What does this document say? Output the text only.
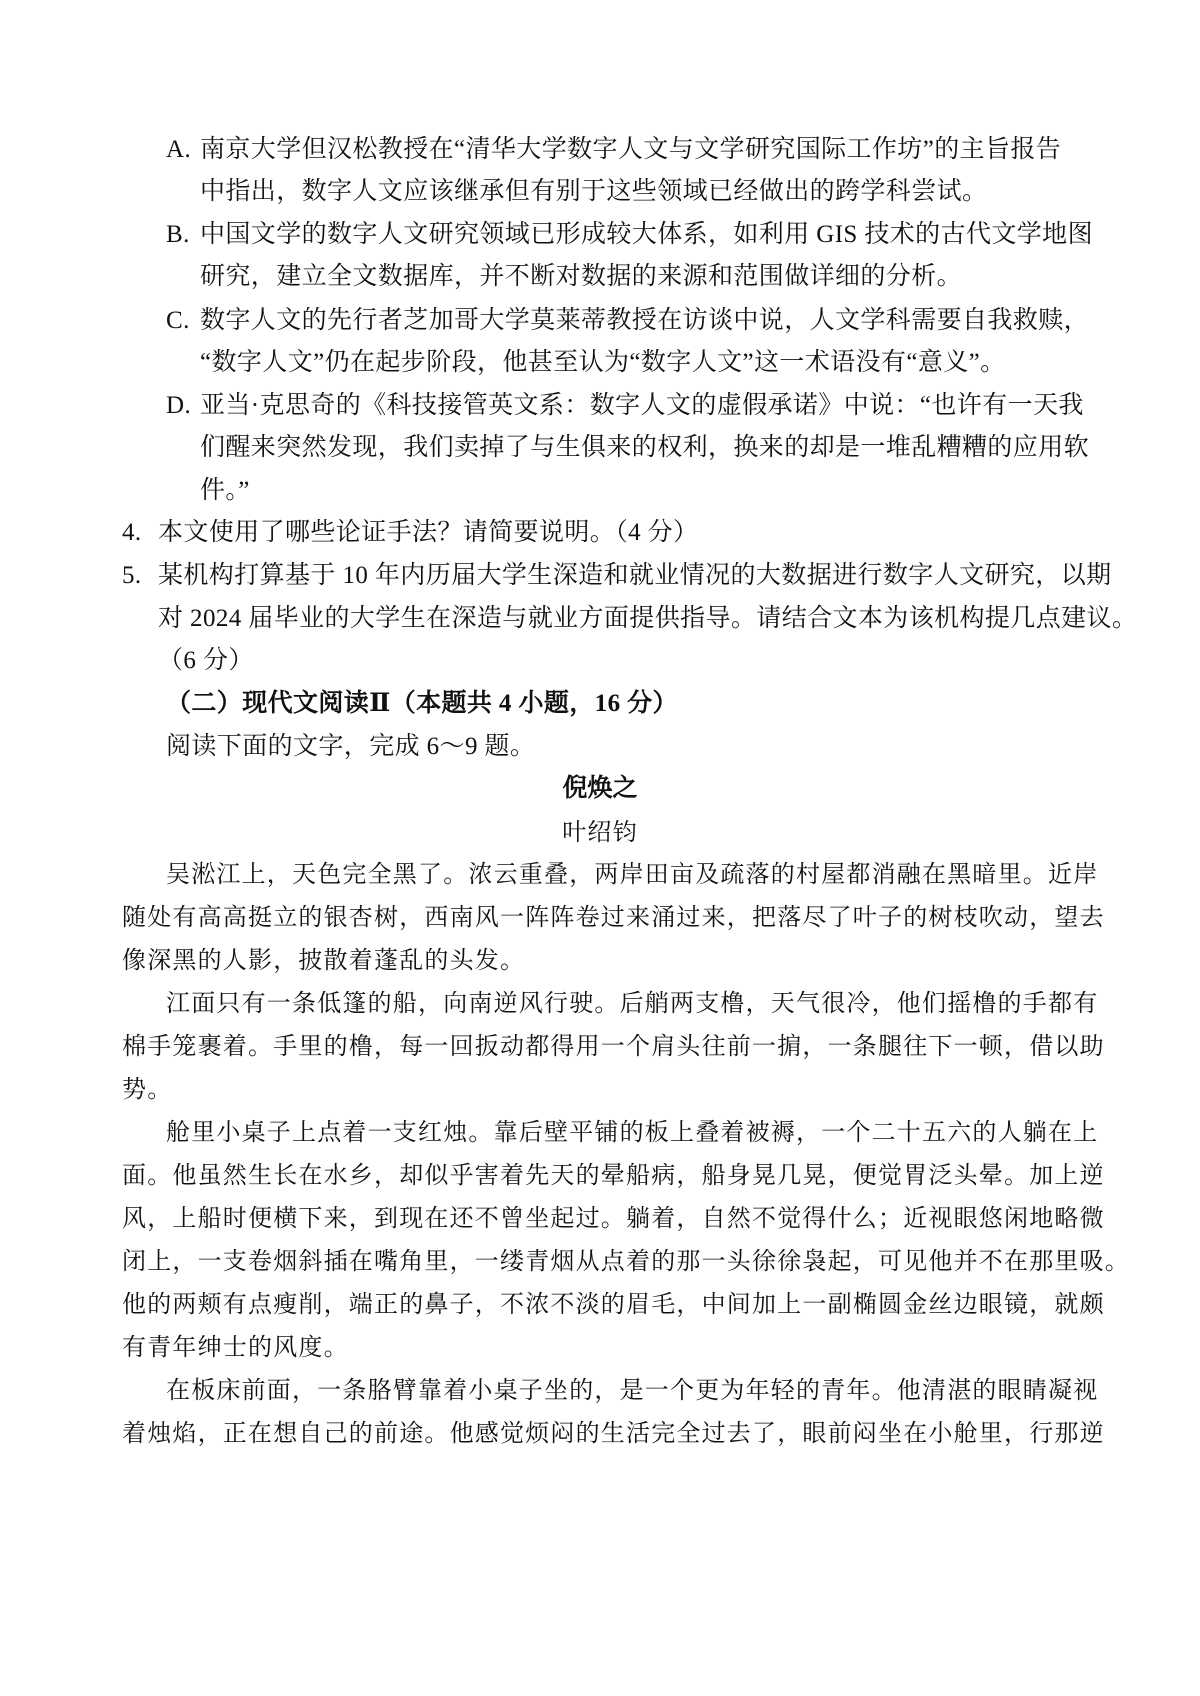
A. 南京大学但汉松教授在“清华大学数字人文与文学研究国际工作坊”的主旨报告
中指出，数字人文应该继承但有别于这些领域已经做出的跨学科尝试。
B. 中国文学的数字人文研究领域已形成较大体系，如利用 GIS 技术的古代文学地图
研究，建立全文数据库，并不断对数据的来源和范围做详细的分析。
C. 数字人文的先行者芝加哥大学莫莱蒂教授在访谈中说，人文学科需要自我救赎，
“数字人文”仍在起步阶段，他甚至认为“数字人文”这一术语没有“意义”。
D. 亚当·克思奇的《科技接管英文系：数字人文的虚假承诺》中说：“也许有一天我
们醒来突然发现，我们卖掉了与生俱来的权利，换来的却是一堆乱糟糟的应用软
件。”
4. 本文使用了哪些论证手法？请简要说明。（4 分）
5. 某机构打算基于 10 年内历届大学生深造和就业情况的大数据进行数字人文研究，以期
对 2024 届毕业的大学生在深造与就业方面提供指导。请结合文本为该机构提几点建议。
（6 分）
（二）现代文阅读Ⅱ（本题共 4 小题，16 分）
阅读下面的文字，完成 6～9 题。
倪焕之
叶绍钧
吴淞江上，天色完全黑了。浓云重叠，两岸田亩及疏落的村屋都消融在黑暗里。近岸
随处有高高挺立的银杏树，西南风一阵阵卷过来涌过来，把落尽了叶子的树枝吹动，望去
像深黑的人影，披散着蓬乱的头发。
江面只有一条低篷的船，向南逆风行驶。后艄两支橹，天气很冷，他们摇橹的手都有
棉手笼裹着。手里的橹，每一回扳动都得用一个肩头往前一掮，一条腿往下一顿，借以助
势。
舱里小桌子上点着一支红烛。靠后壁平铺的板上叠着被褥，一个二十五六的人躺在上
面。他虽然生长在水乡，却似乎害着先天的晕船病，船身晃几晃，便觉胃泛头晕。加上逆
风，上船时便横下来，到现在还不曾坐起过。躺着，自然不觉得什么；近视眼悠闲地略微
闭上，一支卷烟斜插在嘴角里，一缕青烟从点着的那一头徐徐袅起，可见他并不在那里吸。
他的两颊有点瘦削，端正的鼻子，不浓不淡的眉毛，中间加上一副椭圆金丝边眼镜，就颇
有青年绅士的风度。
在板床前面，一条胳臂靠着小桌子坐的，是一个更为年轻的青年。他清湛的眼睛凝视
着烛焰，正在想自己的前途。他感觉烦闷的生活完全过去了，眼前闷坐在小舱里，行那逆
